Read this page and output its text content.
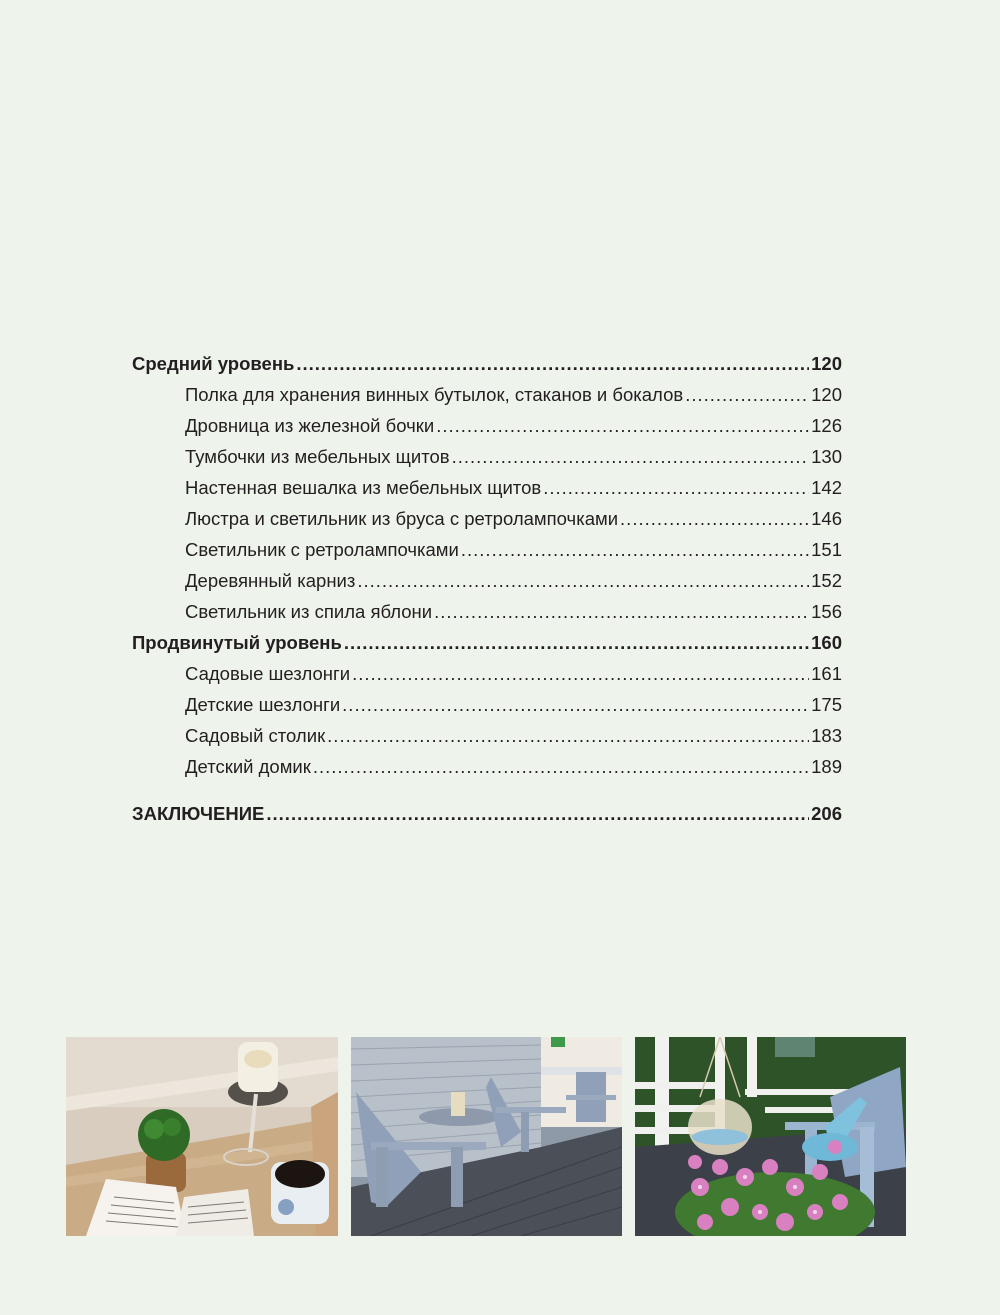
Средний уровень .....	120
Полка для хранения винных бутылок, стаканов и бокалов .....	120
Дровница из железной бочки .....	126
Тумбочки из мебельных щитов .....	130
Настенная вешалка из мебельных щитов .....	142
Люстра и светильник из бруса с ретролампочками .....	146
Светильник с ретролампочками .....	151
Деревянный карниз .....	152
Светильник из спила яблони .....	156
Продвинутый уровень .....	160
Садовые шезлонги .....	161
Детские шезлонги .....	175
Садовый столик .....	183
Детский домик .....	189
ЗАКЛЮЧЕНИЕ .....	206
